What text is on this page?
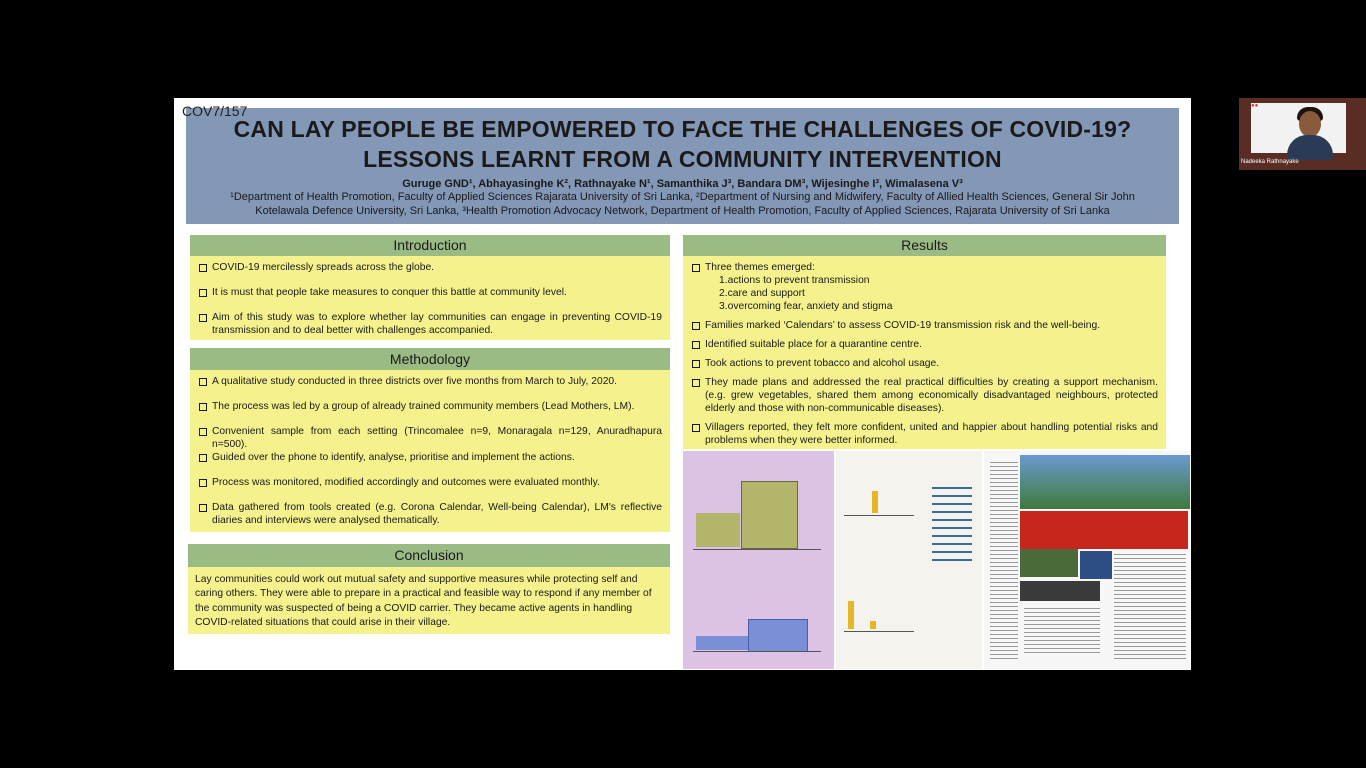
CAN LAY PEOPLE BE EMPOWERED TO FACE THE CHALLENGES OF COVID-19? LESSONS LEARNT FROM A COMMUNITY INTERVENTION
Guruge GND¹, Abhayasinghe K², Rathnayake N¹, Samanthika J³, Bandara DM³, Wijesinghe I³, Wimalasena V³
¹Department of Health Promotion, Faculty of Applied Sciences Rajarata University of Sri Lanka, ²Department of Nursing and Midwifery, Faculty of Allied Health Sciences, General Sir John Kotelawala Defence University, Sri Lanka, ³Health Promotion Advocacy Network, Department of Health Promotion, Faculty of Applied Sciences, Rajarata University of Sri Lanka
COV7/157
Introduction
COVID-19 mercilessly spreads across the globe.
It is must that people take measures to conquer this battle at community level.
Aim of this study was to explore whether lay communities can engage in preventing COVID-19 transmission and to deal better with challenges accompanied.
Methodology
A qualitative study conducted in three districts over five months from March to July, 2020.
The process was led by a group of already trained community members (Lead Mothers, LM).
Convenient sample from each setting (Trincomalee n=9, Monaragala n=129, Anuradhapura n=500).
Guided over the phone to identify, analyse, prioritise and implement the actions.
Process was monitored, modified accordingly and outcomes were evaluated monthly.
Data gathered from tools created (e.g. Corona Calendar, Well-being Calendar), LM's reflective diaries and interviews were analysed thematically.
Conclusion
Lay communities could work out mutual safety and supportive measures while protecting self and caring others. They were able to prepare in a practical and feasible way to respond if any member of the community was suspected of being a COVID carrier. They became active agents in handling COVID-related situations that could arise in their village.
Results
Three themes emerged:
1.actions to prevent transmission
2.care and support
3.overcoming fear, anxiety and stigma
Families marked ‘Calendars’ to assess COVID-19 transmission risk and the well-being.
Identified suitable place for a quarantine centre.
Took actions to prevent tobacco and alcohol usage.
They made plans and addressed the real practical difficulties by creating a support mechanism. (e.g. grew vegetables, shared them among economically disadvantaged neighbours, protected elderly and those with non-communicable diseases).
Villagers reported, they felt more confident, united and happier about handling potential risks and problems when they were better informed.
●●
Nadeeka Rathnayake
